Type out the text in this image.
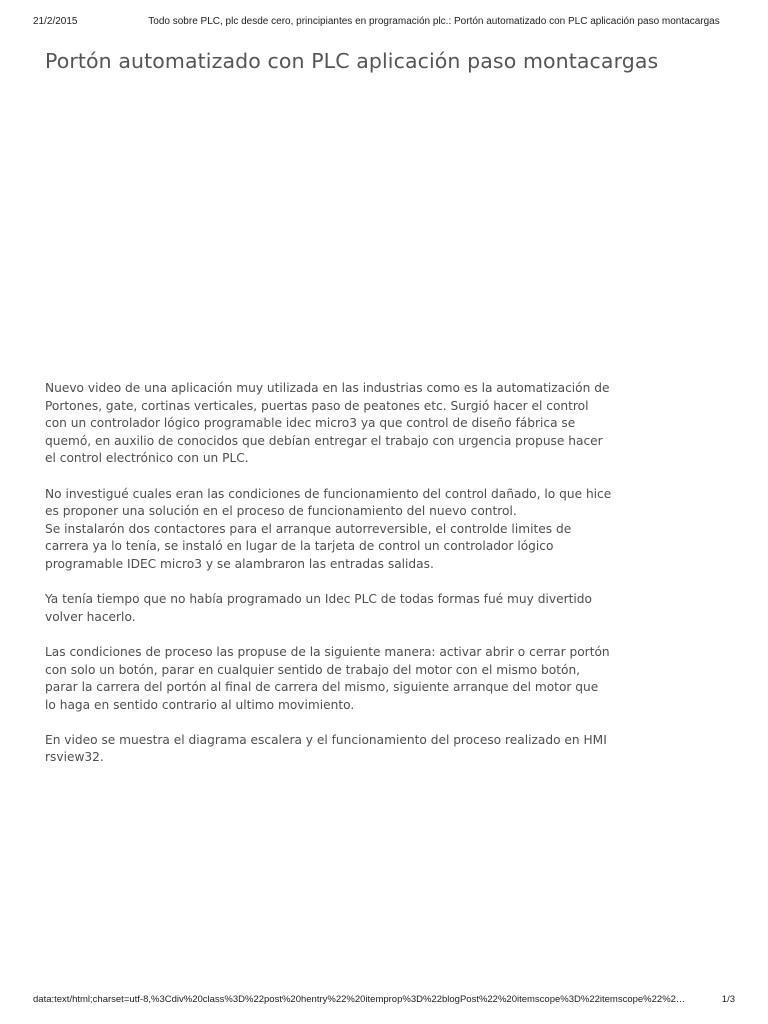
21/2/2015	Todo sobre PLC, plc desde cero, principiantes en programación plc.: Portón automatizado con PLC aplicación paso montacargas
Portón automatizado con PLC aplicación paso montacargas

Nuevo video de una aplicación muy utilizada en las industrias como es la automatización de
Portones, gate, cortinas verticales, puertas paso de peatones etc. Surgió hacer el control
con un controlador lógico programable idec micro3 ya que control de diseño fábrica se
quemó, en auxilio de conocidos que debían entregar el trabajo con urgencia propuse hacer
el control electrónico con un PLC.

No investigué cuales eran las condiciones de funcionamiento del control dañado, lo que hice
es proponer una solución en el proceso de funcionamiento del nuevo control.
Se instalarón dos contactores para el arranque autorreversible, el controlde limites de
carrera ya lo tenía, se instaló en lugar de la tarjeta de control un controlador lógico
programable IDEC micro3 y se alambraron las entradas salidas.

Ya tenía tiempo que no había programado un Idec PLC de todas formas fué muy divertido
volver hacerlo.

Las condiciones de proceso las propuse de la siguiente manera: activar abrir o cerrar portón
con solo un botón, parar en cualquier sentido de trabajo del motor con el mismo botón,
parar la carrera del portón al final de carrera del mismo, siguiente arranque del motor que
lo haga en sentido contrario al ultimo movimiento.

En video se muestra el diagrama escalera y el funcionamiento del proceso realizado en HMI
rsview32.

data:text/html;charset=utf-8,%3Cdiv%20class%3D%22post%20hentry%22%20itemprop%3D%22blogPost%22%20itemscope%3D%22itemscope%22%2…	1/3
